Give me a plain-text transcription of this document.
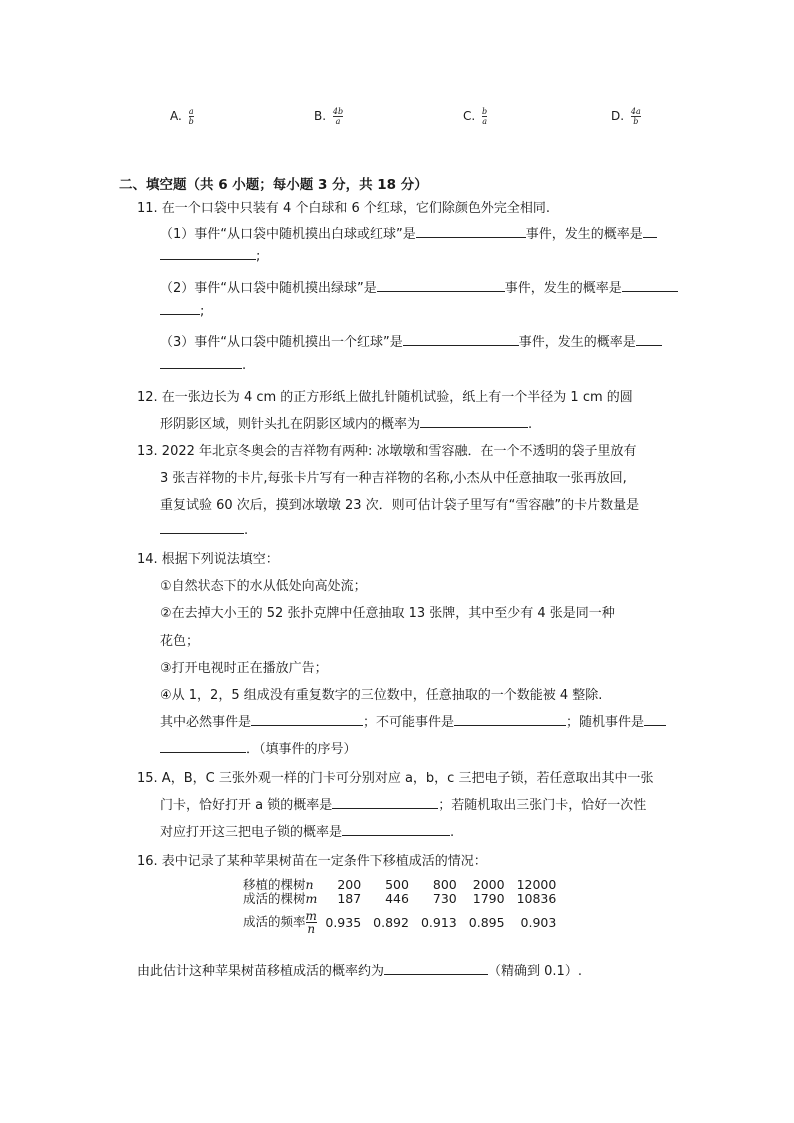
A. $\frac{a}{b}$	B. $\frac{4b}{a}$	C. $\frac{b}{a}$	D. $\frac{4a}{b}$
二、填空题（共 6 小题；每小题 3 分，共 18 分）
11. 在一个口袋中只装有 4 个白球和 6 个红球，它们除颜色外完全相同.
（1）事件“从口袋中随机摸出白球或红球”是	事件，发生的概率是
;
（2）事件“从口袋中随机摸出绿球”是	事件，发生的概率是
;
（3）事件“从口袋中随机摸出一个红球”是	事件，发生的概率是
.
12. 在一张边长为 4 cm 的正方形纸上做扎针随机试验，纸上有一个半径为 1 cm 的圆
形阴影区域，则针头扎在阴影区域内的概率为	.
13. 2022 年北京冬奥会的吉祥物有两种: 冰墩墩和雪容融．在一个不透明的袋子里放有
3 张吉祥物的卡片,每张卡片写有一种吉祥物的名称,小杰从中任意抽取一张再放回,
重复试验 60 次后，摸到冰墩墩 23 次．则可估计袋子里写有“雪容融”的卡片数量是
.
14. 根据下列说法填空：
①自然状态下的水从低处向高处流；
②在去掉大小王的 52 张扑克牌中任意抽取 13 张牌，其中至少有 4 张是同一种
花色；
③打开电视时正在播放广告；
④从 1，2，5 组成没有重复数字的三位数中，任意抽取的一个数能被 4 整除.
其中必然事件是	；不可能事件是	；随机事件是
．（填事件的序号）
15. A，B，C 三张外观一样的门卡可分别对应 a，b，c 三把电子锁，若任意取出其中一张
门卡，恰好打开 a 锁的概率是	；若随机取出三张门卡，恰好一次性
对应打开这三把电子锁的概率是	.
16. 表中记录了某种苹果树苗在一定条件下移植成活的情况：
移植的棵树n	200	500	800	2000	12000
成活的棵树m	187	446	730	1790	10836
成活的频率 $\frac{m}{n}$	0.935	0.892	0.913	0.895	0.903
由此估计这种苹果树苗移植成活的概率约为	（精确到 0.1）.
